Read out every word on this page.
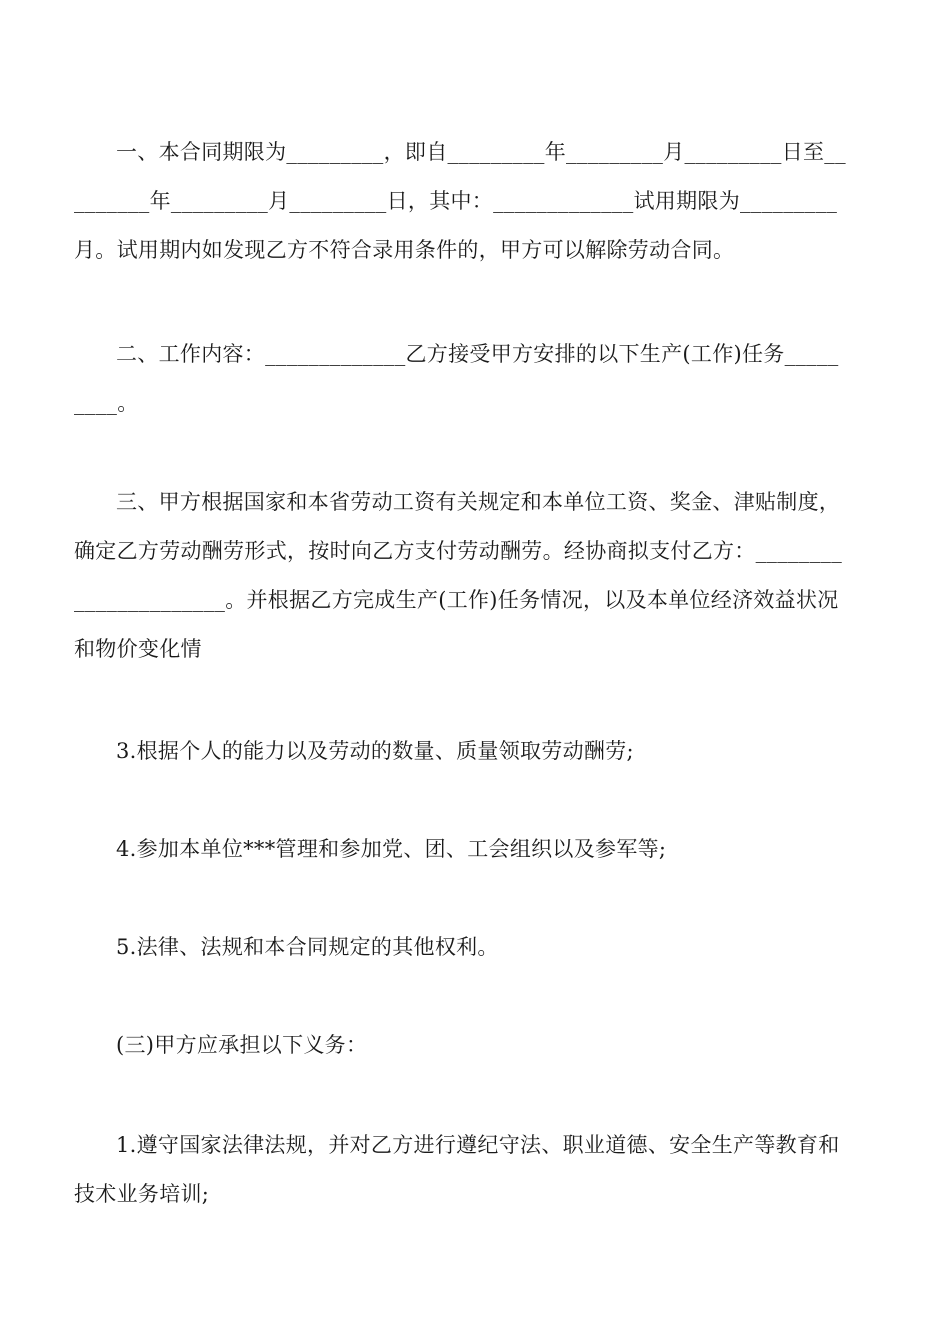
一、本合同期限为_________，即自_________年_________月_________日至__
_______年_________月_________日，其中：_____________试用期限为_________
月。试用期内如发现乙方不符合录用条件的，甲方可以解除劳动合同。
二、工作内容：_____________乙方接受甲方安排的以下生产(工作)任务_____
____。
三、甲方根据国家和本省劳动工资有关规定和本单位工资、奖金、津贴制度，
确定乙方劳动酬劳形式，按时向乙方支付劳动酬劳。经协商拟支付乙方：________
______________。并根据乙方完成生产(工作)任务情况，以及本单位经济效益状况
和物价变化情

3.根据个人的能力以及劳动的数量、质量领取劳动酬劳;

4.参加本单位***管理和参加党、团、工会组织以及参军等;

5.法律、法规和本合同规定的其他权利。

(三)甲方应承担以下义务：

1.遵守国家法律法规，并对乙方进行遵纪守法、职业道德、安全生产等教育和
技术业务培训;
